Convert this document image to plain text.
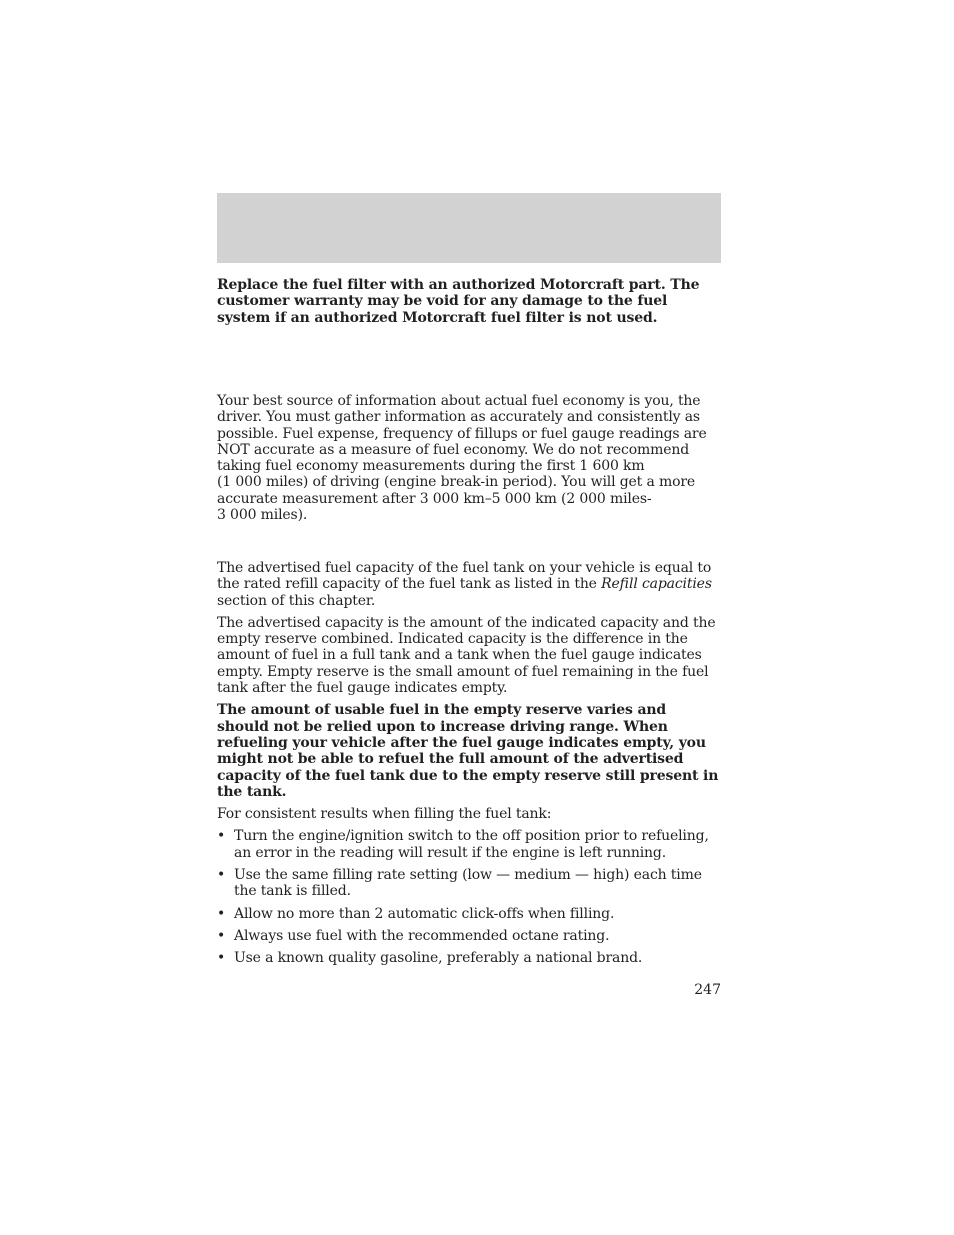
Replace the fuel filter with an authorized Motorcraft part. The customer warranty may be void for any damage to the fuel system if an authorized Motorcraft fuel filter is not used.

Your best source of information about actual fuel economy is you, the
driver. You must gather information as accurately and consistently as
possible. Fuel expense, frequency of fillups or fuel gauge readings are
NOT accurate as a measure of fuel economy. We do not recommend
taking fuel economy measurements during the first 1 600 km
(1 000 miles) of driving (engine break-in period). You will get a more
accurate measurement after 3 000 km–5 000 km (2 000 miles-
3 000 miles).

The advertised fuel capacity of the fuel tank on your vehicle is equal to the rated refill capacity of the fuel tank as listed in the Refill capacities section of this chapter.

The advertised capacity is the amount of the indicated capacity and the empty reserve combined. Indicated capacity is the difference in the amount of fuel in a full tank and a tank when the fuel gauge indicates empty. Empty reserve is the small amount of fuel remaining in the fuel tank after the fuel gauge indicates empty.

The amount of usable fuel in the empty reserve varies and should not be relied upon to increase driving range. When refueling your vehicle after the fuel gauge indicates empty, you might not be able to refuel the full amount of the advertised capacity of the fuel tank due to the empty reserve still present in the tank.

For consistent results when filling the fuel tank:

• Turn the engine/ignition switch to the off position prior to refueling, an error in the reading will result if the engine is left running.
• Use the same filling rate setting (low — medium — high) each time the tank is filled.
• Allow no more than 2 automatic click-offs when filling.
• Always use fuel with the recommended octane rating.
• Use a known quality gasoline, preferably a national brand.
247
